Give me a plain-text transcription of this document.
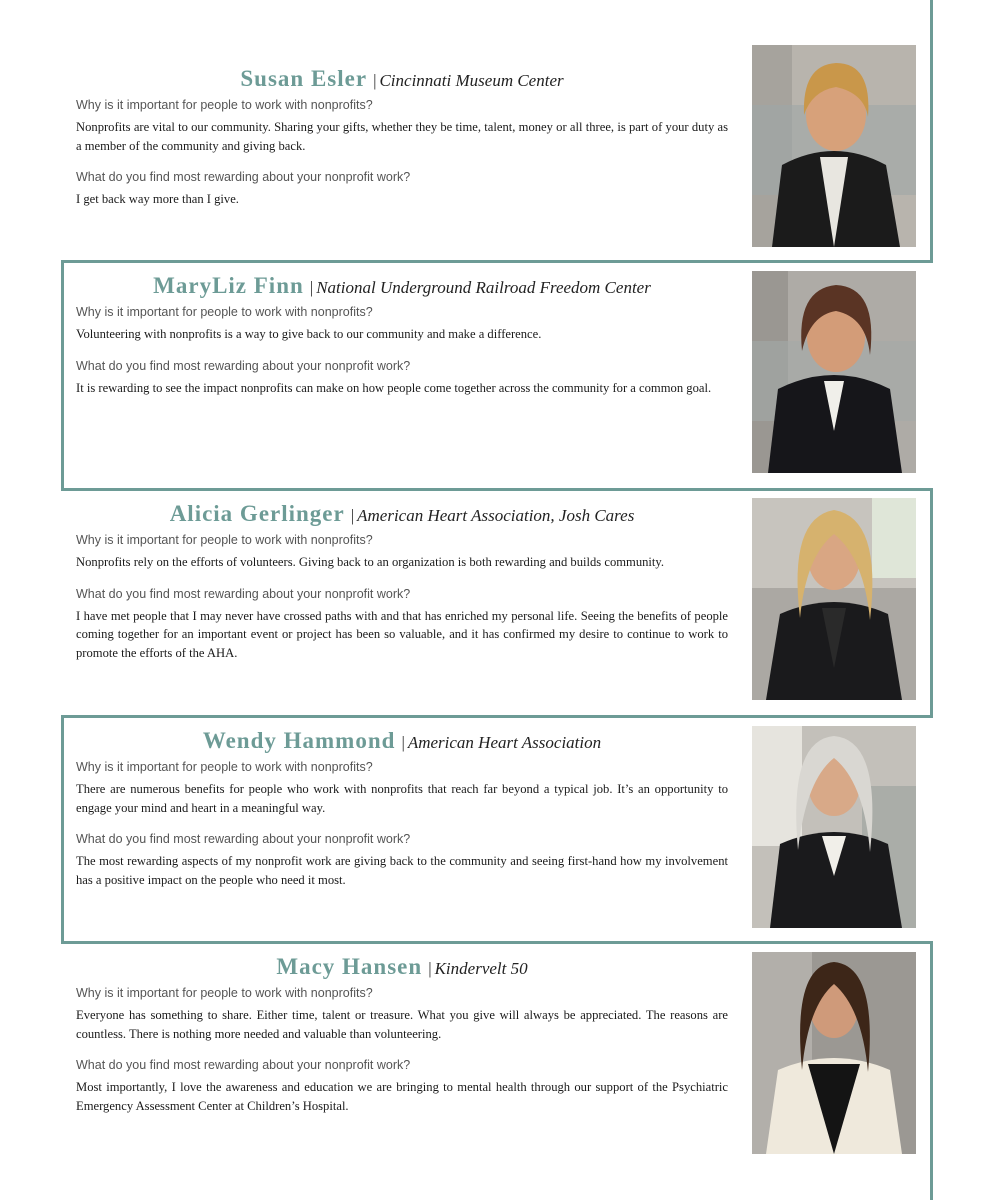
Susan Esler | Cincinnati Museum Center

Why is it important for people to work with nonprofits?

Nonprofits are vital to our community. Sharing your gifts, whether they be time, talent, money or all three, is part of your duty as a member of the community and giving back.

What do you find most rewarding about your nonprofit work?

I get back way more than I give.

MaryLiz Finn | National Underground Railroad Freedom Center

Why is it important for people to work with nonprofits?

Volunteering with nonprofits is a way to give back to our community and make a difference.

What do you find most rewarding about your nonprofit work?

It is rewarding to see the impact nonprofits can make on how people come together across the community for a common goal.

Alicia Gerlinger | American Heart Association, Josh Cares

Why is it important for people to work with nonprofits?

Nonprofits rely on the efforts of volunteers. Giving back to an organization is both rewarding and builds community.

What do you find most rewarding about your nonprofit work?

I have met people that I may never have crossed paths with and that has enriched my personal life. Seeing the benefits of people coming together for an important event or project has been so valuable, and it has confirmed my desire to continue to work to promote the efforts of the AHA.

Wendy Hammond | American Heart Association

Why is it important for people to work with nonprofits?

There are numerous benefits for people who work with nonprofits that reach far beyond a typical job. It’s an opportunity to engage your mind and heart in a meaningful way.

What do you find most rewarding about your nonprofit work?

The most rewarding aspects of my nonprofit work are giving back to the community and seeing first-hand how my involvement has a positive impact on the people who need it most.

Macy Hansen | Kindervelt 50

Why is it important for people to work with nonprofits?

Everyone has something to share. Either time, talent or treasure. What you give will always be appreciated. The reasons are countless. There is nothing more needed and valuable than volunteering.

What do you find most rewarding about your nonprofit work?

Most importantly, I love the awareness and education we are bringing to mental health through our support of the Psychiatric Emergency Assessment Center at Children’s Hospital.
